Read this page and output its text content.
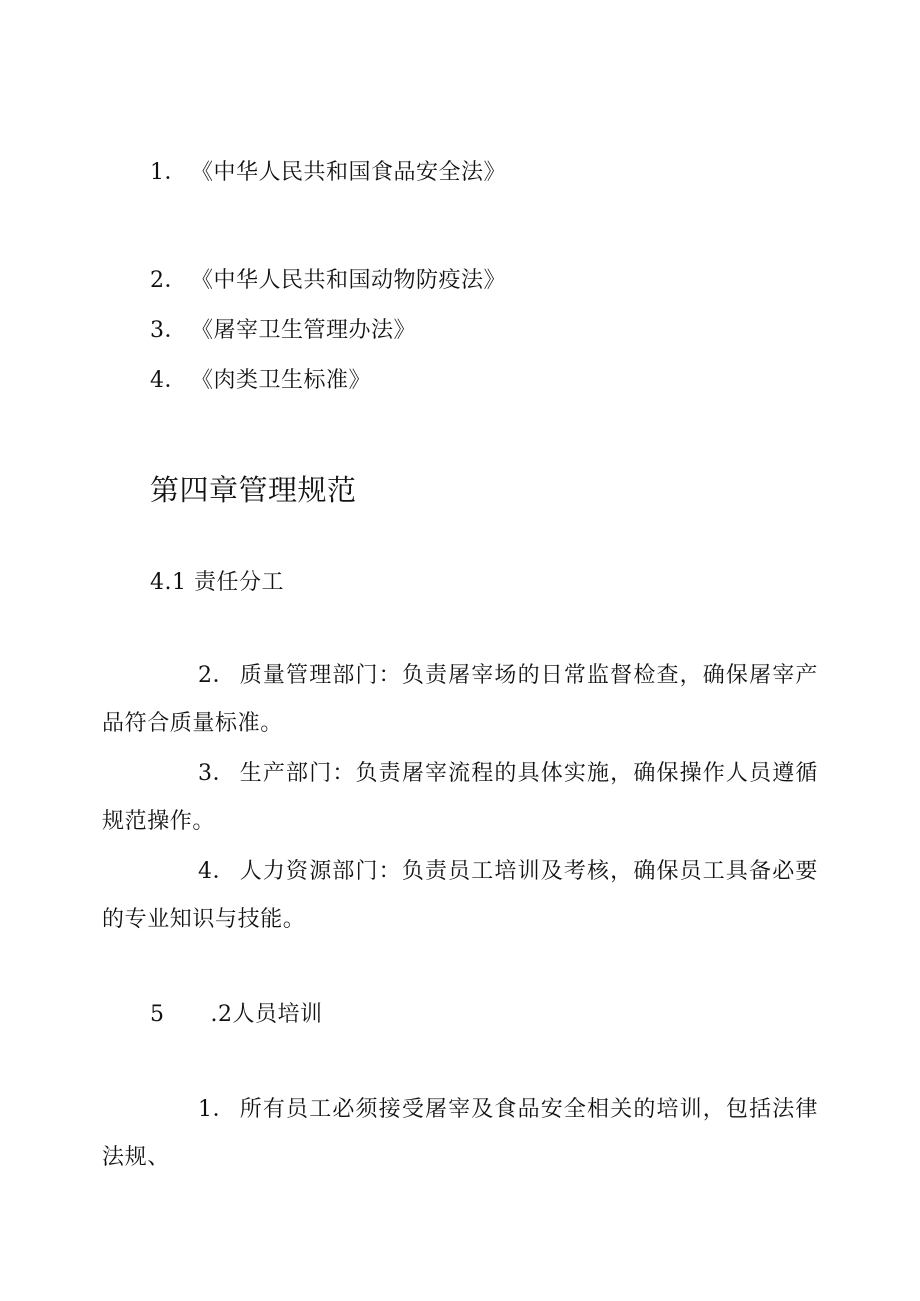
1． 《中华人民共和国食品安全法》
2． 《中华人民共和国动物防疫法》
3． 《屠宰卫生管理办法》
4． 《肉类卫生标准》
第四章管理规范
4.1 责任分工
2． 质量管理部门：负责屠宰场的日常监督检查，确保屠宰产品符合质量标准。
3． 生产部门：负责屠宰流程的具体实施，确保操作人员遵循规范操作。
4． 人力资源部门：负责员工培训及考核，确保员工具备必要的专业知识与技能。
5 .2人员培训
1． 所有员工必须接受屠宰及食品安全相关的培训，包括法律法规、
